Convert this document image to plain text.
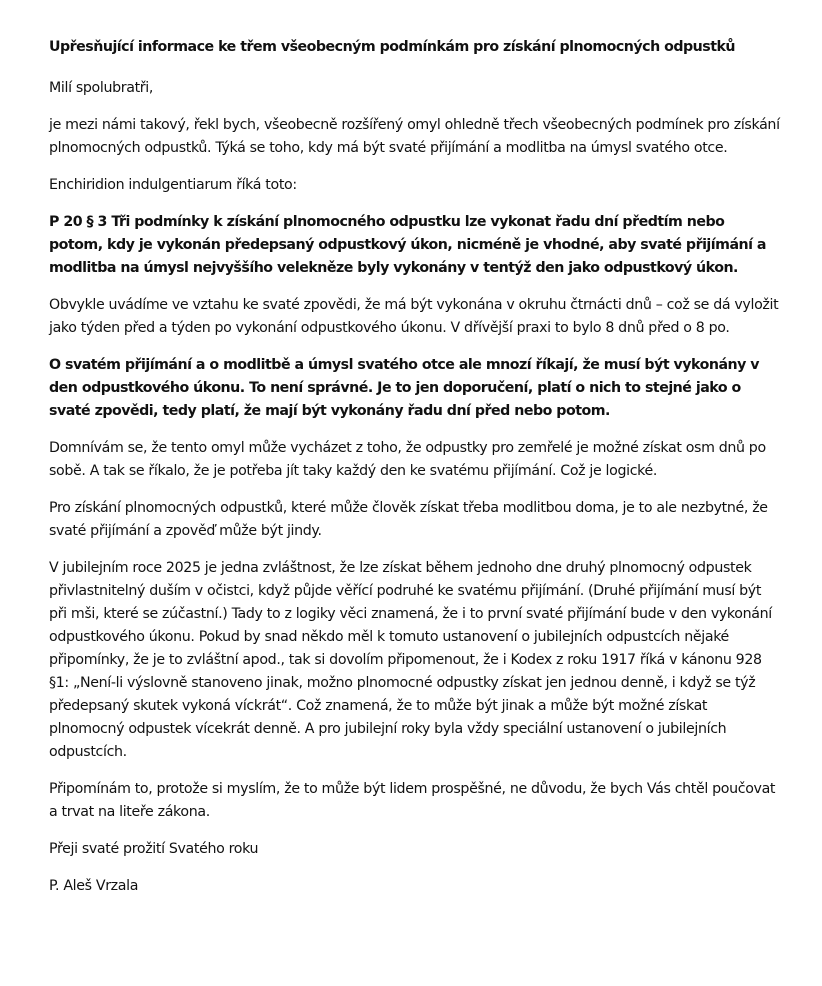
Upřesňující informace ke třem všeobecným podmínkám pro získání plnomocných odpustků

Milí spolubratři,

je mezi námi takový, řekl bych, všeobecně rozšířený omyl ohledně třech všeobecných podmínek pro získání plnomocných odpustků. Týká se toho, kdy má být svaté přijímání a modlitba na úmysl svatého otce.

Enchiridion indulgentiarum říká toto:

P 20 § 3 Tři podmínky k získání plnomocného odpustku lze vykonat řadu dní předtím nebo potom, kdy je vykonán předepsaný odpustkový úkon, nicméně je vhodné, aby svaté přijímání a modlitba na úmysl nejvyššího velekněze byly vykonány v tentýž den jako odpustkový úkon.

Obvykle uvádíme ve vztahu ke svaté zpovědi, že má být vykonána v okruhu čtrnácti dnů – což se dá vyložit jako týden před a týden po vykonání odpustkového úkonu. V dřívější praxi to bylo 8 dnů před o 8 po.

O svatém přijímání a o modlitbě a úmysl svatého otce ale mnozí říkají, že musí být vykonány v den odpustkového úkonu. To není správné. Je to jen doporučení, platí o nich to stejné jako o svaté zpovědi, tedy platí, že mají být vykonány řadu dní před nebo potom.

Domnívám se, že tento omyl může vycházet z toho, že odpustky pro zemřelé je možné získat osm dnů po sobě. A tak se říkalo, že je potřeba jít taky každý den ke svatému přijímání. Což je logické.

Pro získání plnomocných odpustků, které může člověk získat třeba modlitbou doma, je to ale nezbytné, že svaté přijímání a zpověď může být jindy.

V jubilejním roce 2025 je jedna zvláštnost, že lze získat během jednoho dne druhý plnomocný odpustek přivlastnitelný duším v očistci, když půjde věřící podruhé ke svatému přijímání. (Druhé přijímání musí být při mši, které se zúčastní.) Tady to z logiky věci znamená, že i to první svaté přijímání bude v den vykonání odpustkového úkonu. Pokud by snad někdo měl k tomuto ustanovení o jubilejních odpustcích nějaké připomínky, že je to zvláštní apod., tak si dovolím připomenout, že i Kodex z roku 1917 říká v kánonu 928 §1: „Není-li výslovně stanoveno jinak, možno plnomocné odpustky získat jen jednou denně, i když se týž předepsaný skutek vykoná víckrát“. Což znamená, že to může být jinak a může být možné získat plnomocný odpustek vícekrát denně. A pro jubilejní roky byla vždy speciální ustanovení o jubilejních odpustcích.

Připomínám to, protože si myslím, že to může být lidem prospěšné, ne důvodu, že bych Vás chtěl poučovat a trvat na liteře zákona.

Přeji svaté prožití Svatého roku

P. Aleš Vrzala
